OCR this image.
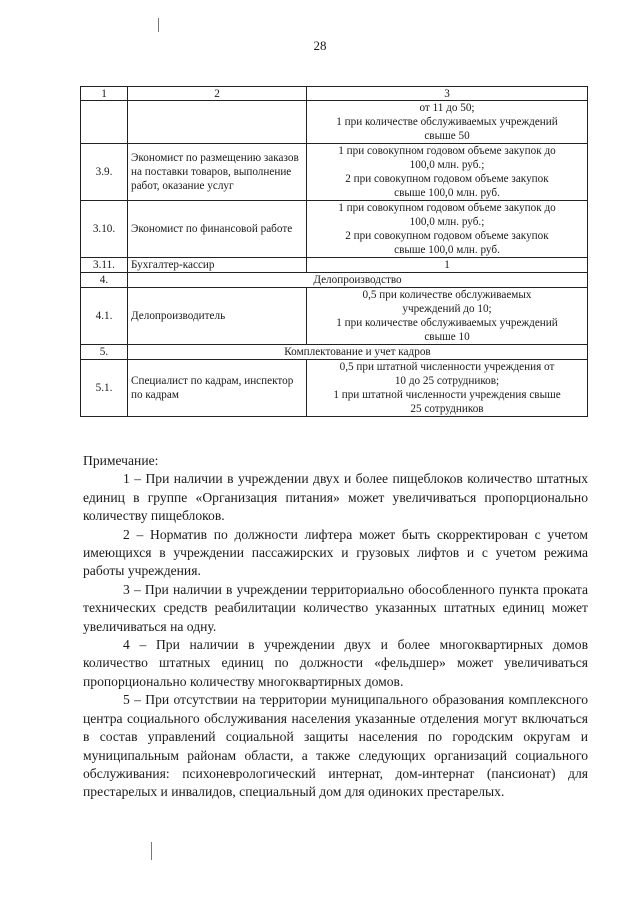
28
1	2	3

		от 11 до 50;
1 при количестве обслуживаемых учреждений
свыше 50

3.9.	Экономист по размещению заказов на поставки товаров, выполнение работ, оказание услуг	1 при совокупном годовом объеме закупок до
100,0 млн. руб.;
2 при совокупном годовом объеме закупок
свыше 100,0 млн. руб.

3.10.	Экономист по финансовой работе	1 при совокупном годовом объеме закупок до
100,0 млн. руб.;
2 при совокупном годовом объеме закупок
свыше 100,0 млн. руб.

3.11.	Бухгалтер-кассир	1

4.	Делопроизводство	
4.1.	Делопроизводитель	0,5 при количестве обслуживаемых
учреждений до 10;
1 при количестве обслуживаемых учреждений
свыше 10

5.	Комплектование и учет кадров	
5.1.	Специалист по кадрам, инспектор по кадрам	0,5 при штатной численности учреждения от
10 до 25 сотрудников;
1 при штатной численности учреждения свыше
25 сотрудников

Примечание:

1 – При наличии в учреждении двух и более пищеблоков количество штатных единиц в группе «Организация питания» может увеличиваться пропорционально количеству пищеблоков.

2 – Норматив по должности лифтера может быть скорректирован с учетом имеющихся в учреждении пассажирских и грузовых лифтов и с учетом режима работы учреждения.

3 – При наличии в учреждении территориально обособленного пункта проката технических средств реабилитации количество указанных штатных единиц может увеличиваться на одну.

4 – При наличии в учреждении двух и более многоквартирных домов количество штатных единиц по должности «фельдшер» может увеличиваться пропорционально количеству многоквартирных домов.

5 – При отсутствии на территории муниципального образования комплексного центра социального обслуживания населения указанные отделения могут включаться в состав управлений социальной защиты населения по городским округам и муниципальным районам области, а также следующих организаций социального обслуживания: психоневрологический интернат, дом-интернат (пансионат) для престарелых и инвалидов, специальный дом для одиноких престарелых.
